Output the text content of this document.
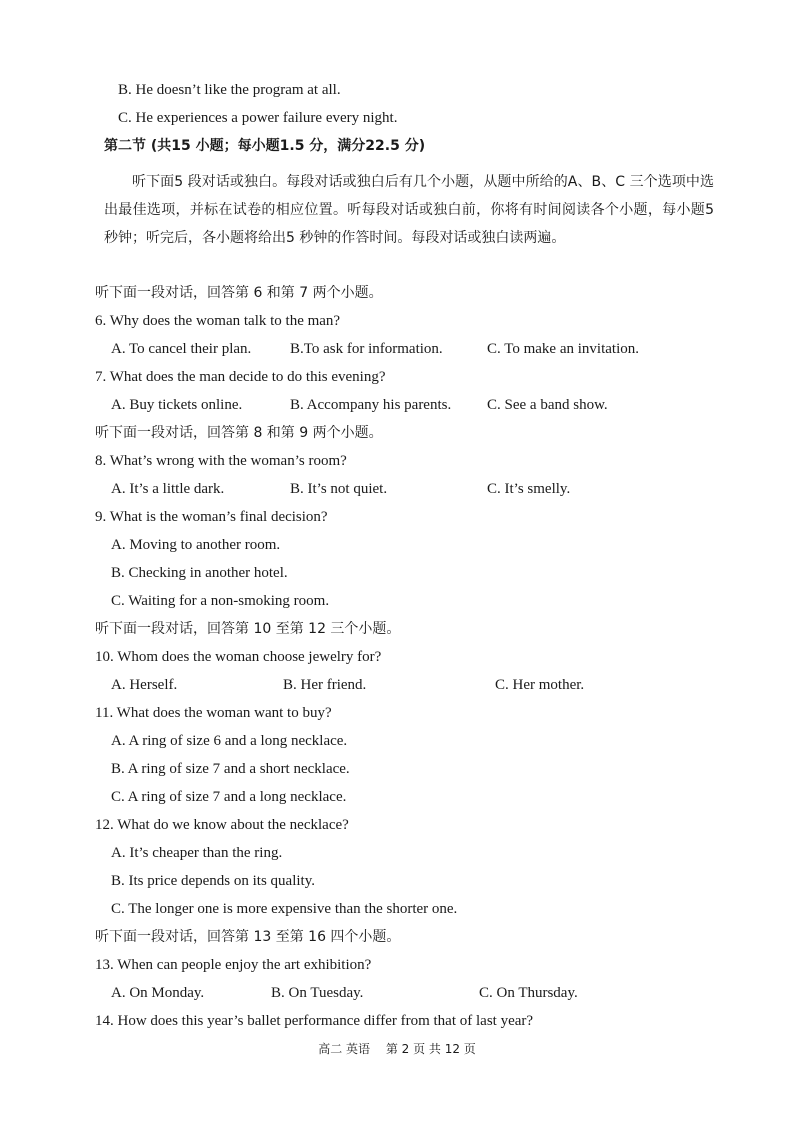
B. He doesn’t like the program at all.
C. He experiences a power failure every night.
第二节 (共15 小题；每小题1.5 分，满分22.5 分)
听下面5 段对话或独白。每段对话或独白后有几个小题，从题中所给的A、B、C 三个选项中选出最佳选项，并标在试卷的相应位置。听每段对话或独白前，你将有时间阅读各个小题，每小题5 秒钟；听完后，各小题将给出5 秒钟的作答时间。每段对话或独白读两遍。
听下面一段对话，回答第 6 和第 7 两个小题。
6. Why does the woman talk to the man?
A. To cancel their plan.	B.To ask for information.	C. To make an invitation.
7. What does the man decide to do this evening?
A. Buy tickets online.	B. Accompany his parents. C. See a band show.
听下面一段对话，回答第 8 和第 9 两个小题。
8. What’s wrong with the woman’s room?
A. It’s a little dark.	B. It’s not quiet.	C. It’s smelly.
9. What is the woman’s final decision?
A. Moving to another room.
B. Checking in another hotel.
C. Waiting for a non-smoking room.
听下面一段对话，回答第 10 至第 12 三个小题。
10. Whom does the woman choose jewelry for?
A. Herself.	B. Her friend.	C. Her mother.
11. What does the woman want to buy?
A. A ring of size 6 and a long necklace.
B. A ring of size 7 and a short necklace.
C. A ring of size 7 and a long necklace.
12. What do we know about the necklace?
A. It’s cheaper than the ring.
B. Its price depends on its quality.
C. The longer one is more expensive than the shorter one.
听下面一段对话，回答第 13 至第 16 四个小题。
13. When can people enjoy the art exhibition?
A. On Monday.	B. On Tuesday.	C. On Thursday.
14. How does this year’s ballet performance differ from that of last year?
高二 英语　 第 2 页 共 12 页
